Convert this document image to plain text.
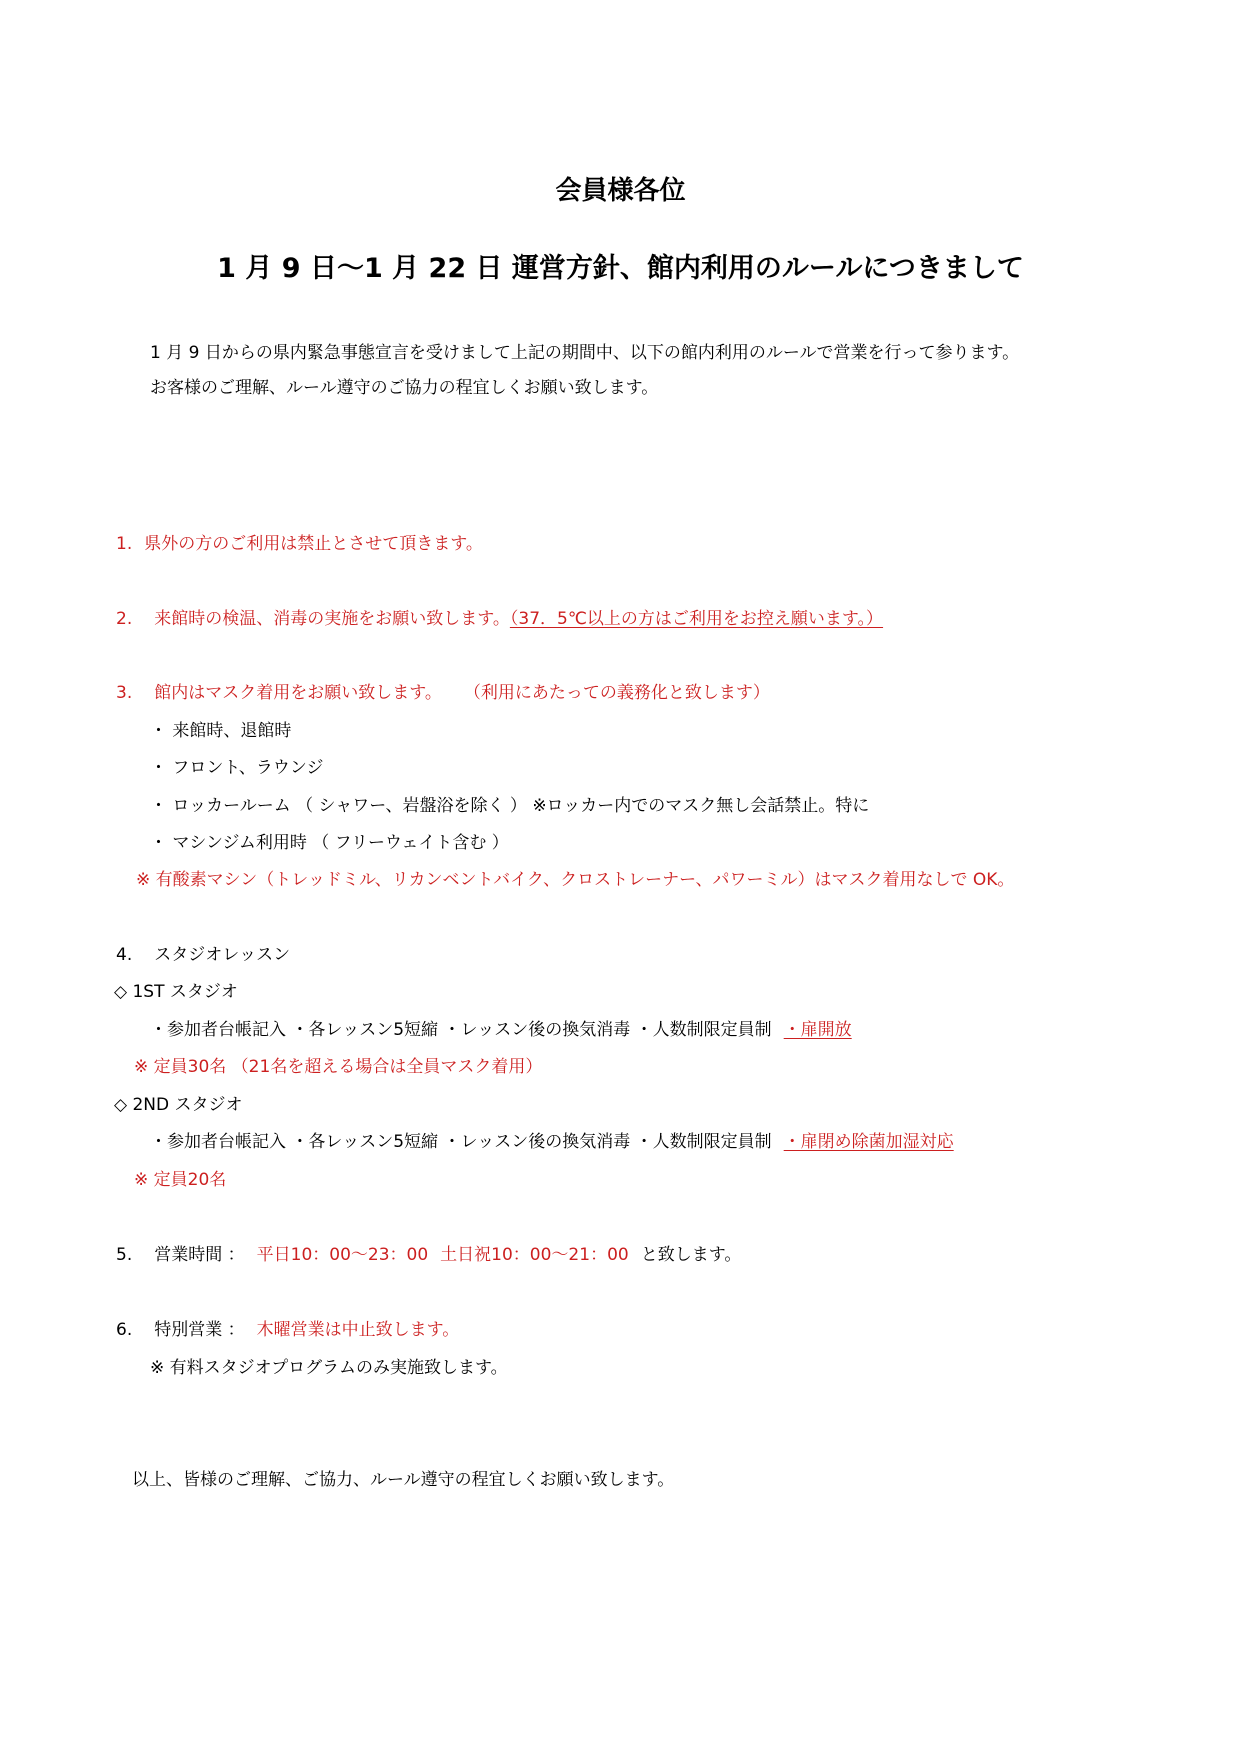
会員様各位
1 月 9 日～1 月 22 日 運営方針、館内利用のルールにつきまして
1 月 9 日からの県内緊急事態宣言を受けまして上記の期間中、以下の館内利用のルールで営業を行って参ります。
お客様のご理解、ルール遵守のご協力の程宜しくお願い致します。
1. 県外の方のご利用は禁止とさせて頂きます。
2. 来館時の検温、消毒の実施をお願い致します。（37．5℃以上の方はご利用をお控え願います。）
3. 館内はマスク着用をお願い致します。 （利用にあたっての義務化と致します）
・ 来館時、退館時
・ フロント、ラウンジ
・ ロッカールーム （ シャワー、岩盤浴を除く ） ※ロッカー内でのマスク無し会話禁止。特に
・ マシンジム利用時 （ フリーウェイト含む ）
※ 有酸素マシン（トレッドミル、リカンベントバイク、クロストレーナー、パワーミル）はマスク着用なしで OK。
4. スタジオレッスン
◇ 1ST スタジオ
・参加者台帳記入 ・各レッスン5短縮 ・レッスン後の換気消毒 ・人数制限定員制 ・扉開放
※ 定員30名 （21名を超える場合は全員マスク着用）
◇ 2ND スタジオ
・参加者台帳記入 ・各レッスン5短縮 ・レッスン後の換気消毒 ・人数制限定員制 ・扉閉め除菌加湿対応
※ 定員20名
5. 営業時間 ： 平日10：00～23：00 土日祝10：00～21：00 と致します。
6. 特別営業 ： 木曜営業は中止致します。
※ 有料スタジオプログラムのみ実施致します。
以上、皆様のご理解、ご協力、ルール遵守の程宜しくお願い致します。
